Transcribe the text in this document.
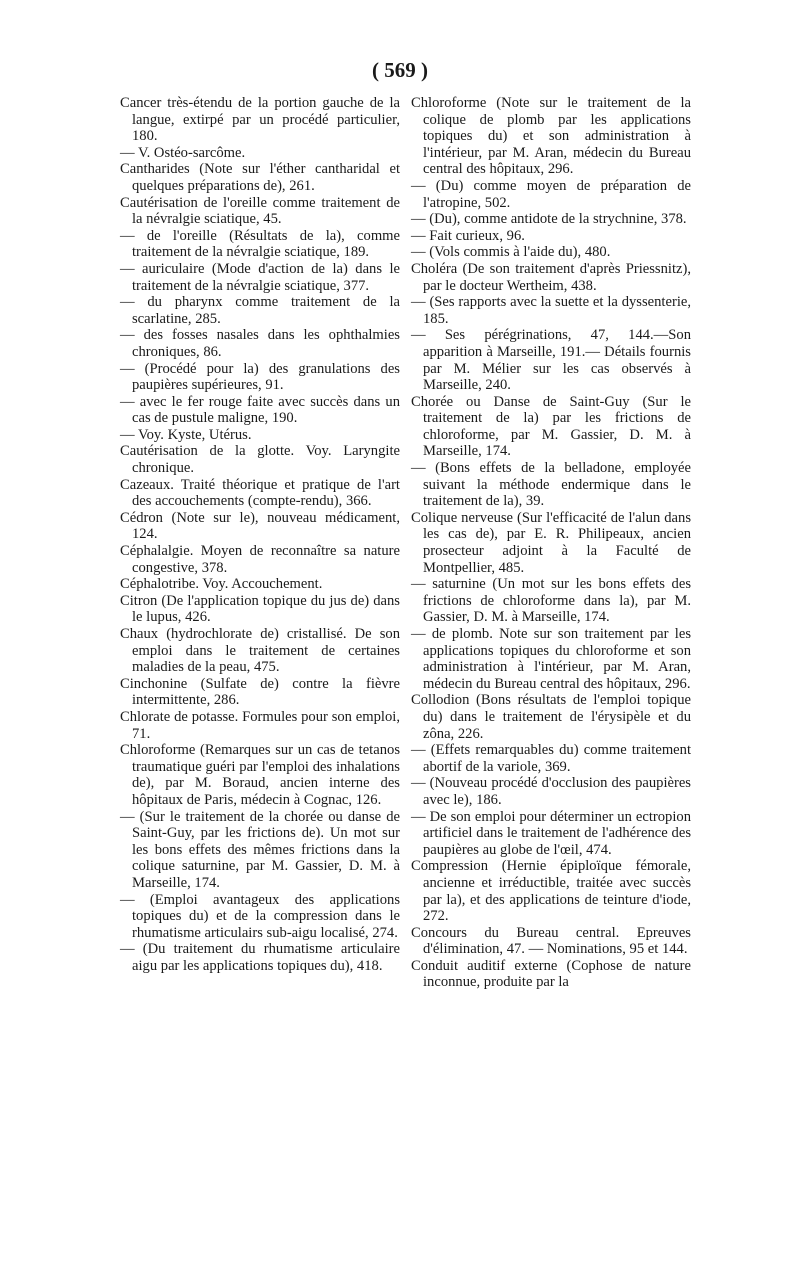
( 569 )

Cancer très-étendu de la portion gauche de la langue, extirpé par un procédé particulier, 180.

— V. Ostéo-sarcôme.

Cantharides (Note sur l'éther cantharidal et quelques préparations de), 261.

Cautérisation de l'oreille comme traitement de la névralgie sciatique, 45.

— de l'oreille (Résultats de la), comme traitement de la névralgie sciatique, 189.

— auriculaire (Mode d'action de la) dans le traitement de la névralgie sciatique, 377.

— du pharynx comme traitement de la scarlatine, 285.

— des fosses nasales dans les ophthalmies chroniques, 86.

— (Procédé pour la) des granulations des paupières supérieures, 91.

— avec le fer rouge faite avec succès dans un cas de pustule maligne, 190.

— Voy. Kyste, Utérus.

Cautérisation de la glotte. Voy. Laryngite chronique.

Cazeaux. Traité théorique et pratique de l'art des accouchements (compte-rendu), 366.

Cédron (Note sur le), nouveau médicament, 124.

Céphalalgie. Moyen de reconnaître sa nature congestive, 378.

Céphalotribe. Voy. Accouchement.

Citron (De l'application topique du jus de) dans le lupus, 426.

Chaux (hydrochlorate de) cristallisé. De son emploi dans le traitement de certaines maladies de la peau, 475.

Cinchonine (Sulfate de) contre la fièvre intermittente, 286.

Chlorate de potasse. Formules pour son emploi, 71.

Chloroforme (Remarques sur un cas de tetanos traumatique guéri par l'emploi des inhalations de), par M. Boraud, ancien interne des hôpitaux de Paris, médecin à Cognac, 126.

— (Sur le traitement de la chorée ou danse de Saint-Guy, par les frictions de). Un mot sur les bons effets des mêmes frictions dans la colique saturnine, par M. Gassier, D. M. à Marseille, 174.

— (Emploi avantageux des applications topiques du) et de la compression dans le rhumatisme articulairs sub-aigu localisé, 274.

— (Du traitement du rhumatisme articulaire aigu par les applications topiques du), 418.

Chloroforme (Note sur le traitement de la colique de plomb par les applications topiques du) et son administration à l'intérieur, par M. Aran, médecin du Bureau central des hôpitaux, 296.

— (Du) comme moyen de préparation de l'atropine, 502.

— (Du), comme antidote de la strychnine, 378.

— Fait curieux, 96.

— (Vols commis à l'aide du), 480.

Choléra (De son traitement d'après Priessnitz), par le docteur Wertheim, 438.

— (Ses rapports avec la suette et la dyssenterie, 185.

— Ses pérégrinations, 47, 144.—Son apparition à Marseille, 191.— Détails fournis par M. Mélier sur les cas observés à Marseille, 240.

Chorée ou Danse de Saint-Guy (Sur le traitement de la) par les frictions de chloroforme, par M. Gassier, D. M. à Marseille, 174.

— (Bons effets de la belladone, employée suivant la méthode endermique dans le traitement de la), 39.

Colique nerveuse (Sur l'efficacité de l'alun dans les cas de), par E. R. Philipeaux, ancien prosecteur adjoint à la Faculté de Montpellier, 485.

— saturnine (Un mot sur les bons effets des frictions de chloroforme dans la), par M. Gassier, D. M. à Marseille, 174.

— de plomb. Note sur son traitement par les applications topiques du chloroforme et son administration à l'intérieur, par M. Aran, médecin du Bureau central des hôpitaux, 296.

Collodion (Bons résultats de l'emploi topique du) dans le traitement de l'érysipèle et du zôna, 226.

— (Effets remarquables du) comme traitement abortif de la variole, 369.

— (Nouveau procédé d'occlusion des paupières avec le), 186.

— De son emploi pour déterminer un ectropion artificiel dans le traitement de l'adhérence des paupières au globe de l'œil, 474.

Compression (Hernie épiploïque fémorale, ancienne et irréductible, traitée avec succès par la), et des applications de teinture d'iode, 272.

Concours du Bureau central. Epreuves d'élimination, 47. — Nominations, 95 et 144.

Conduit auditif externe (Cophose de nature inconnue, produite par la
